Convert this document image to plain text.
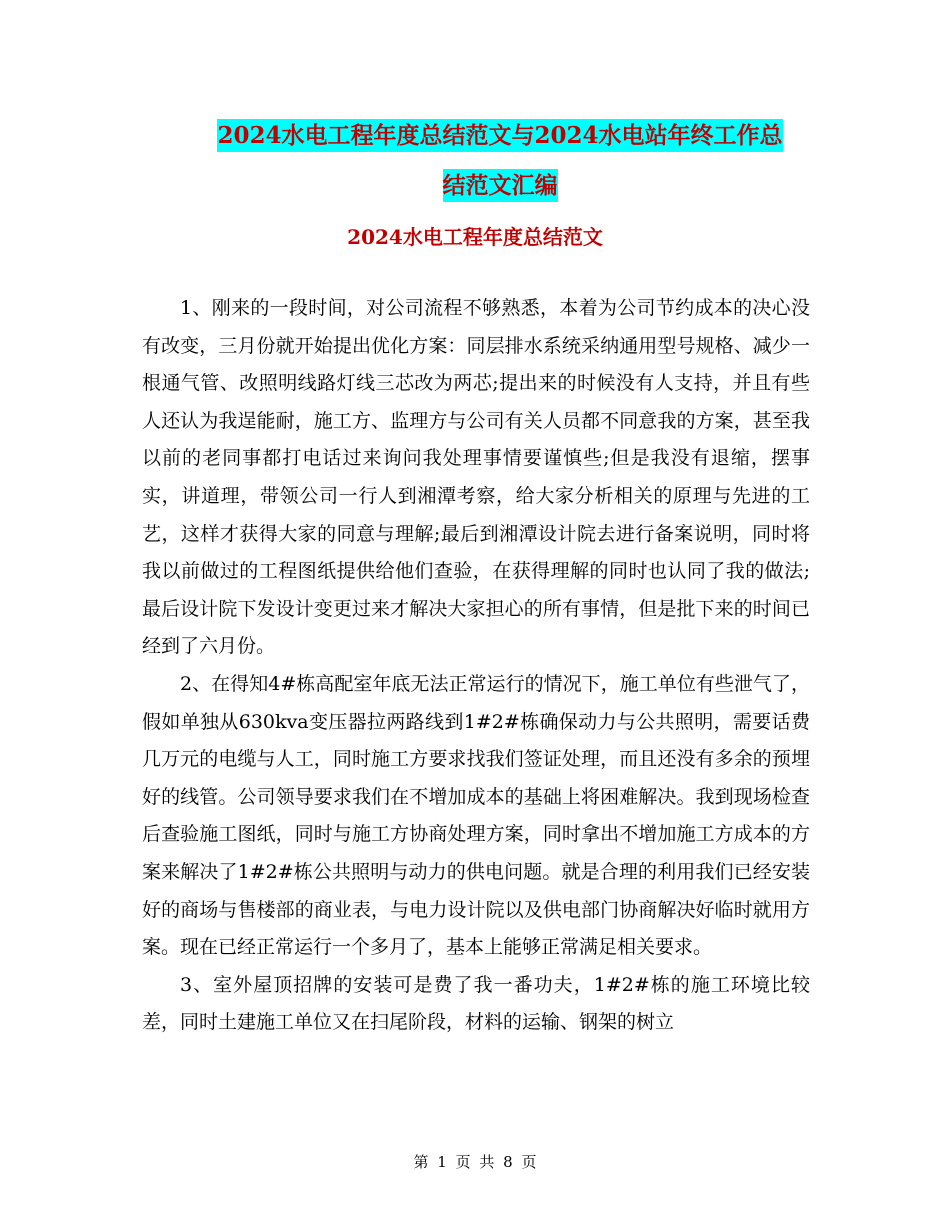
2024水电工程年度总结范文与2024水电站年终工作总
结范文汇编
2024水电工程年度总结范文

1、刚来的一段时间，对公司流程不够熟悉，本着为公司节约成本的决心没有改变，三月份就开始提出优化方案：同层排水系统采纳通用型号规格、减少一根通气管、改照明线路灯线三芯改为两芯;提出来的时候没有人支持，并且有些人还认为我逞能耐，施工方、监理方与公司有关人员都不同意我的方案，甚至我以前的老同事都打电话过来询问我处理事情要谨慎些;但是我没有退缩，摆事实，讲道理，带领公司一行人到湘潭考察，给大家分析相关的原理与先进的工艺，这样才获得大家的同意与理解;最后到湘潭设计院去进行备案说明，同时将我以前做过的工程图纸提供给他们查验，在获得理解的同时也认同了我的做法;最后设计院下发设计变更过来才解决大家担心的所有事情，但是批下来的时间已经到了六月份。

2、在得知4#栋高配室年底无法正常运行的情况下，施工单位有些泄气了，假如单独从630kva变压器拉两路线到1#2#栋确保动力与公共照明，需要话费几万元的电缆与人工，同时施工方要求找我们签证处理，而且还没有多余的预埋好的线管。公司领导要求我们在不增加成本的基础上将困难解决。我到现场检查后查验施工图纸，同时与施工方协商处理方案，同时拿出不增加施工方成本的方案来解决了1#2#栋公共照明与动力的供电问题。就是合理的利用我们已经安装好的商场与售楼部的商业表，与电力设计院以及供电部门协商解决好临时就用方案。现在已经正常运行一个多月了，基本上能够正常满足相关要求。

3、室外屋顶招牌的安装可是费了我一番功夫，1#2#栋的施工环境比较差，同时土建施工单位又在扫尾阶段，材料的运输、钢架的树立

第 1 页 共 8 页
